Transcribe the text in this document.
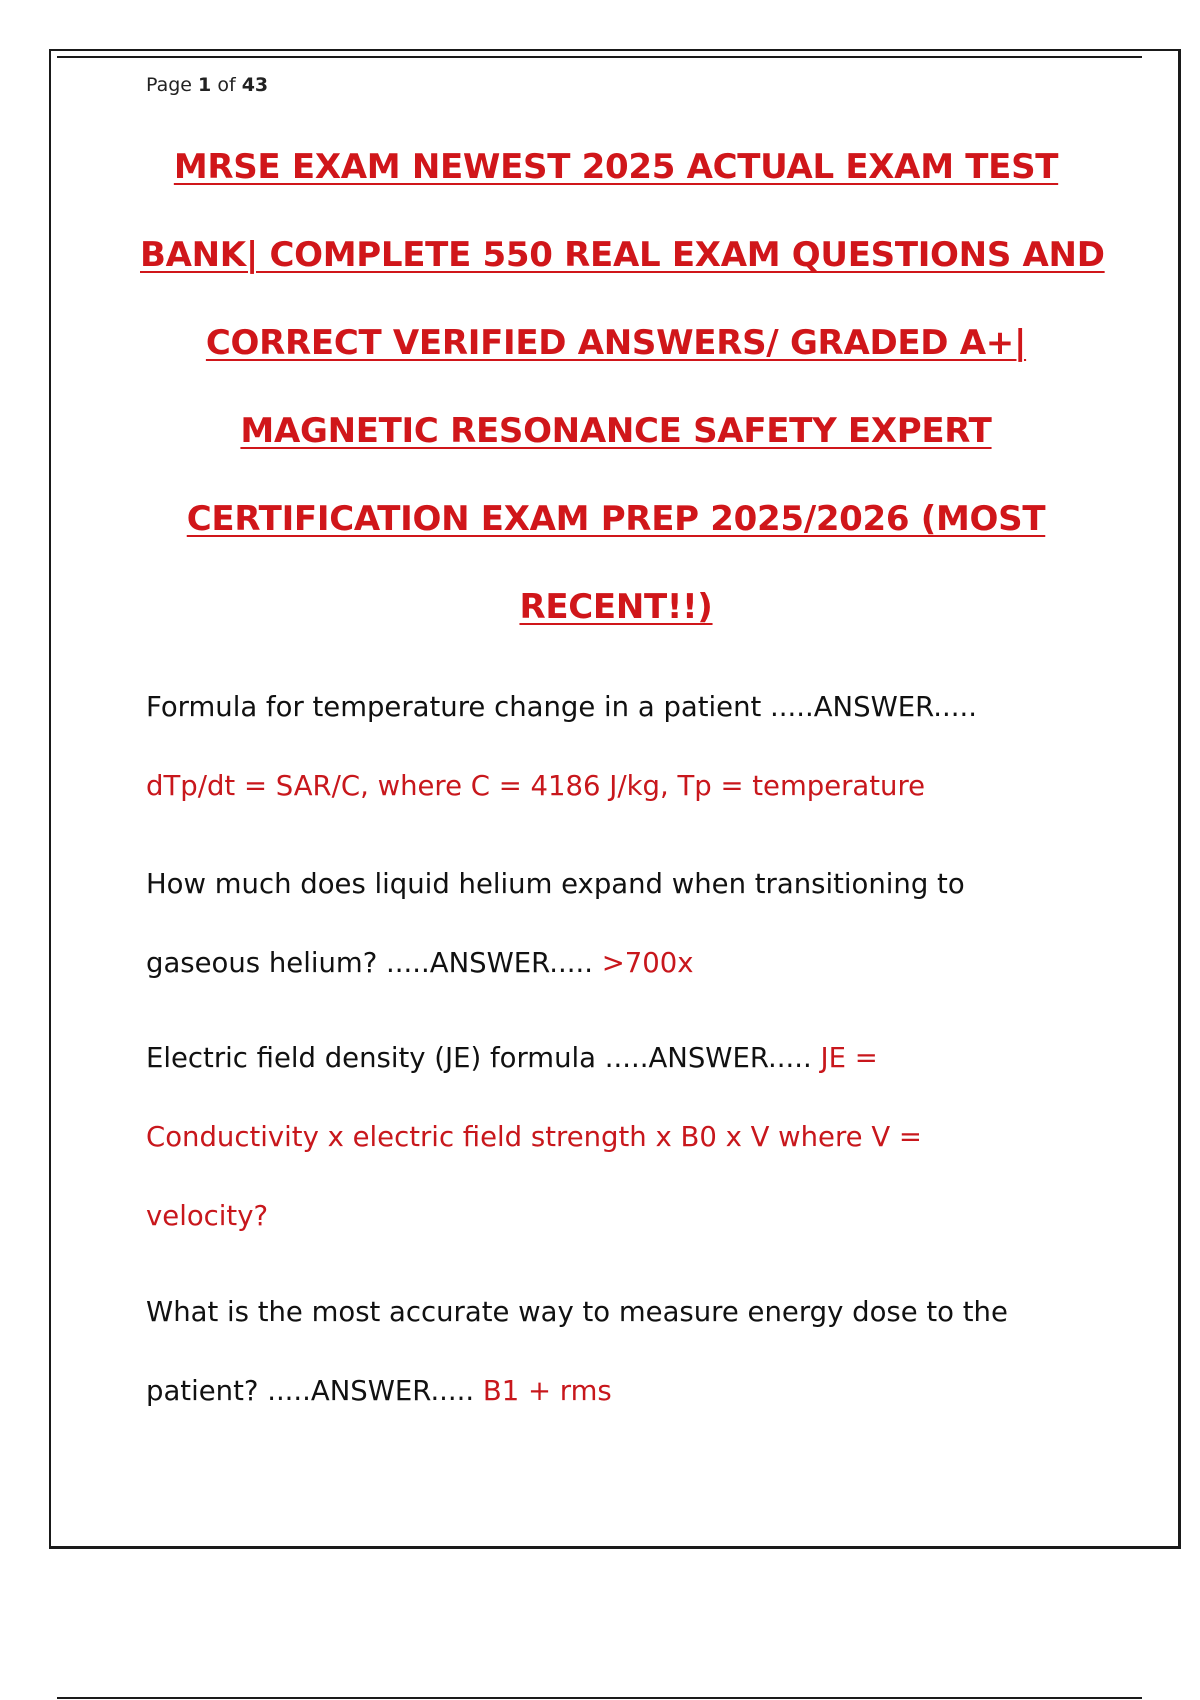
Page 1 of 43
MRSE EXAM NEWEST 2025 ACTUAL EXAM TEST
BANK| COMPLETE 550 REAL EXAM QUESTIONS AND
CORRECT VERIFIED ANSWERS/ GRADED A+|
MAGNETIC RESONANCE SAFETY EXPERT
CERTIFICATION EXAM PREP 2025/2026 (MOST
RECENT!!)
Formula for temperature change in a patient .....ANSWER.....
dTp/dt = SAR/C, where C = 4186 J/kg, Tp = temperature
How much does liquid helium expand when transitioning to
gaseous helium? .....ANSWER..... >700x
Electric field density (JE) formula .....ANSWER..... JE =
Conductivity x electric field strength x B0 x V where V =
velocity?
What is the most accurate way to measure energy dose to the
patient? .....ANSWER..... B1 + rms
